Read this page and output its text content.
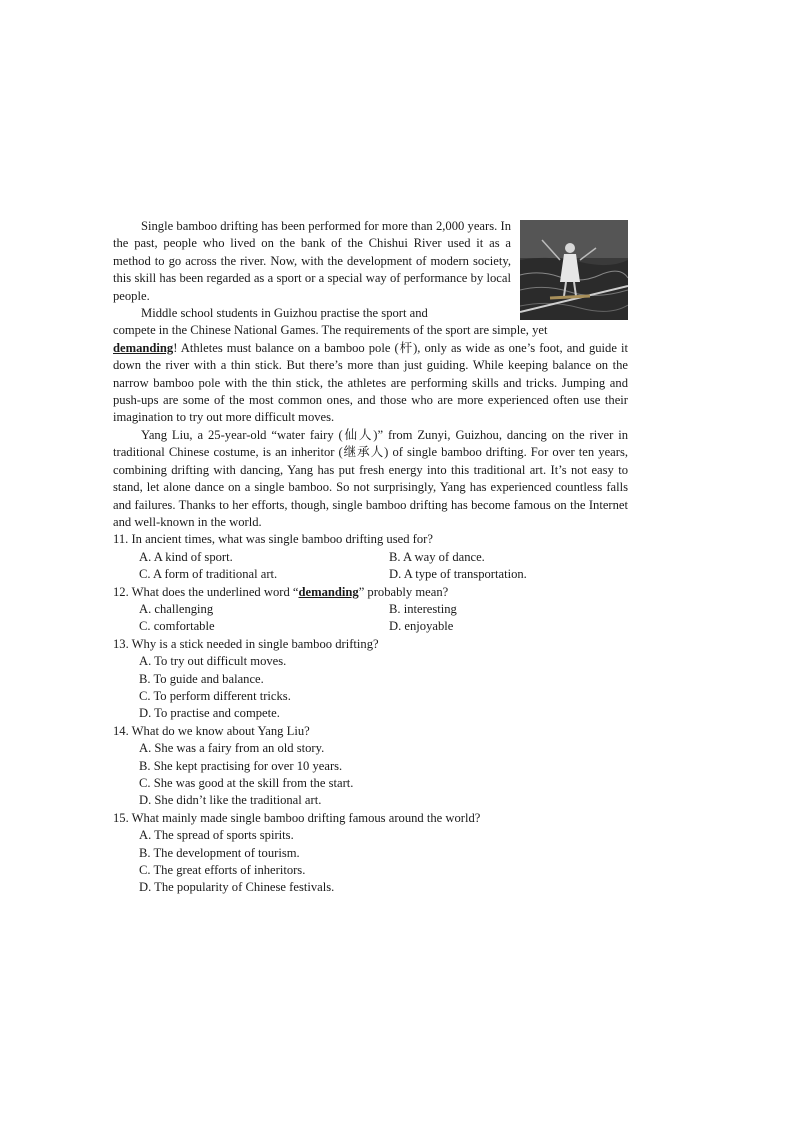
Single bamboo drifting has been performed for more than 2,000 years. In the past, people who lived on the bank of the Chishui River used it as a method to go across the river. Now, with the development of modern society, this skill has been regarded as a sport or a special way of performance by local people.

Middle school students in Guizhou practise the sport and
compete in the Chinese National Games. The requirements of the sport are simple, yet
demanding! Athletes must balance on a bamboo pole (杆), only as wide as one’s foot, and guide it down the river with a thin stick. But there’s more than just guiding. While keeping balance on the narrow bamboo pole with the thin stick, the athletes are performing skills and tricks. Jumping and push-ups are some of the most common ones, and those who are more experienced often use their imagination to try out more difficult moves.

Yang Liu, a 25-year-old “water fairy (仙人)” from Zunyi, Guizhou, dancing on the river in traditional Chinese costume, is an inheritor (继承人) of single bamboo drifting. For over ten years, combining drifting with dancing, Yang has put fresh energy into this traditional art. It’s not easy to stand, let alone dance on a single bamboo. So not surprisingly, Yang has experienced countless falls and failures. Thanks to her efforts, though, single bamboo drifting has become famous on the Internet and well-known in the world.

11. In ancient times, what was single bamboo drifting used for?
A. A kind of sport.	B. A way of dance.
C. A form of traditional art.	D. A type of transportation.
12. What does the underlined word “demanding” probably mean?
A. challenging	B. interesting
C. comfortable	D. enjoyable
13. Why is a stick needed in single bamboo drifting?
A. To try out difficult moves.
B. To guide and balance.
C. To perform different tricks.
D. To practise and compete.
14. What do we know about Yang Liu?
A. She was a fairy from an old story.
B. She kept practising for over 10 years.
C. She was good at the skill from the start.
D. She didn’t like the traditional art.
15. What mainly made single bamboo drifting famous around the world?
A. The spread of sports spirits.
B. The development of tourism.
C. The great efforts of inheritors.
D. The popularity of Chinese festivals.
